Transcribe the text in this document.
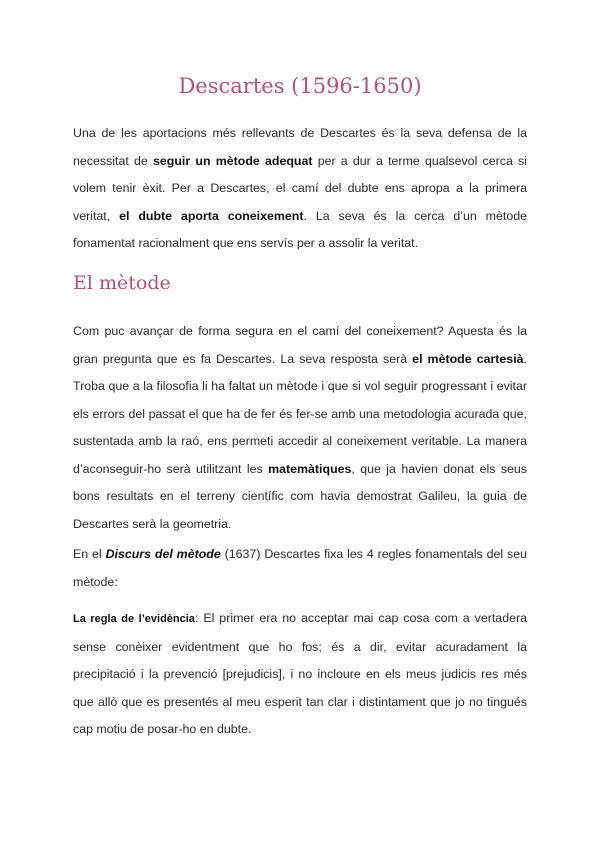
Descartes (1596-1650)

Una de les aportacions més rellevants de Descartes és la seva defensa de la necessitat de seguir un mètode adequat per a dur a terme qualsevol cerca si volem tenir èxit. Per a Descartes, el camí del dubte ens apropa a la primera veritat, el dubte aporta coneixement. La seva és la cerca d’un mètode fonamentat racionalment que ens servís per a assolir la veritat.

El mètode

Com puc avançar de forma segura en el camí del coneixement? Aquesta és la gran pregunta que es fa Descartes. La seva resposta serà el mètode cartesià. Troba que a la filosofia li ha faltat un mètode i que si vol seguir progressant i evitar els errors del passat el que ha de fer és fer-se amb una metodologia acurada que, sustentada amb la raó, ens permeti accedir al coneixement veritable. La manera d’aconseguir-ho serà utilitzant les matemàtiques, que ja havien donat els seus bons resultats en el terreny científic com havia demostrat Galileu, la guia de Descartes serà la geometria.

En el Discurs del mètode (1637) Descartes fixa les 4 regles fonamentals del seu mètode:

La regla de l’evidència: El primer era no acceptar mai cap cosa com a vertadera sense conèixer evidentment que ho fos; és a dir, evitar acuradament la precipitació i la prevenció [prejudicis], i no incloure en els meus judicis res més que allò que es presentés al meu esperit tan clar i distintament que jo no tingués cap motiu de posar-ho en dubte.
